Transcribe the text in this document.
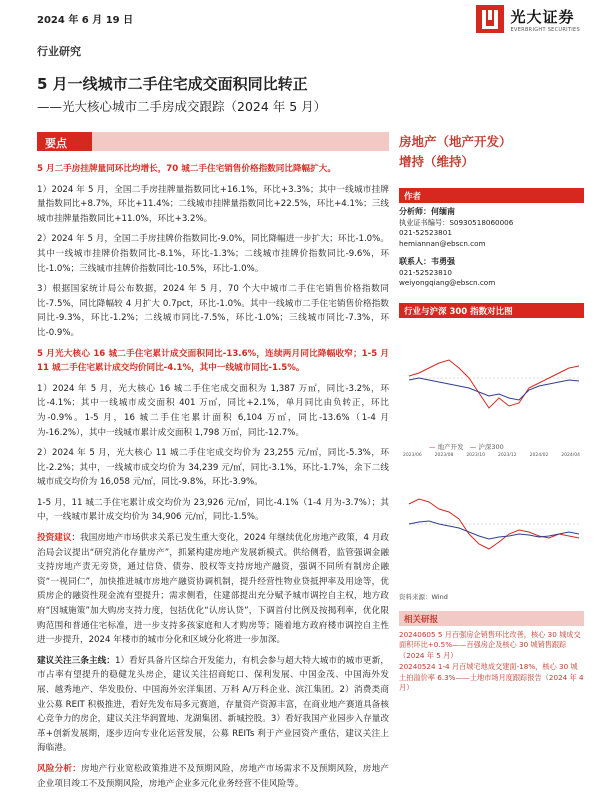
2024 年 6 月 19 日	光大证券
EVERBRIGHT SECURITIES
行业研究
5 月一线城市二手住宅成交面积同比转正
——光大核心城市二手房成交跟踪（2024 年 5 月）
要点

5 月二手房挂牌量同环比均增长，70 城二手住宅销售价格指数同比降幅扩大。

1）2024 年 5 月，全国二手房挂牌量指数同比+16.1%，环比+3.3%；其中一线城市挂牌量指数同比+8.7%，环比+11.4%；二线城市挂牌量指数同比+22.5%，环比+4.1%；三线城市挂牌量指数同比+11.0%，环比+3.2%。

2）2024 年 5 月，全国二手房挂牌价指数同比-9.0%，同比降幅进一步扩大；环比-1.0%。其中一线城市挂牌价指数同比-8.1%，环比-1.3%；二线城市挂牌价指数同比-9.6%，环比-1.0%；三线城市挂牌价指数同比-10.5%，环比-1.0%。

3）根据国家统计局公布数据，2024 年 5 月，70 个大中城市二手住宅销售价格指数同比-7.5%，同比降幅较 4 月扩大 0.7pct，环比-1.0%。其中一线城市二手住宅销售价格指数同比-9.3%，环比-1.2%；二线城市同比-7.5%，环比-1.0%；三线城市同比-7.3%，环比-0.9%。

5 月光大核心 16 城二手住宅累计成交面积同比-13.6%，连续两月同比降幅收窄；1-5 月 11 城二手住宅累计成交均价同比-4.1%，其中一线城市同比-1.5%。

1）2024 年 5 月，光大核心 16 城二手住宅成交面积为 1,387 万㎡，同比-3.2%，环比-4.1%；其中一线城市成交面积 401 万㎡，同比+2.1%，单月同比由负转正，环比为-0.9%。1-5 月，16 城二手住宅累计面积 6,104 万㎡，同比-13.6%（1-4 月为-16.2%），其中一线城市累计成交面积 1,798 万㎡，同比-12.7%。

2）2024 年 5 月，光大核心 11 城二手住宅成交均价为 23,255 元/㎡，同比-5.3%，环比-2.2%；其中，一线城市成交均价为 34,239 元/㎡，同比-3.1%，环比-1.7%，余下二线城市成交均价为 16,058 元/㎡，同比-9.8%，环比-3.9%。

1-5 月，11 城二手住宅累计成交均价为 23,926 元/㎡，同比-4.1%（1-4 月为-3.7%）；其中，一线城市累计成交均价为 34,906 元/㎡，同比-1.5%。

投资建议：我国房地产市场供求关系已发生重大变化，2024 年继续优化房地产政策，4 月政治局会议提出“研究消化存量房产”，抓紧构建房地产发展新模式。供给侧看，监管强调金融支持房地产责无旁贷，通过信贷、债券、股权等支持房地产融资，强调不同所有制房企融资“一视同仁”，加快推进城市房地产融资协调机制，提升经营性物业贷抵押率及用途等，优质房企的融资性现金流有望提升；需求侧看，住建部提出充分赋予城市调控自主权，地方政府“因城施策”加大购房支持力度，包括优化“认房认贷”，下调首付比例及按揭利率，优化限购范围和普通住宅标准，进一步支持多孩家庭和人才购房等；随着地方政府楼市调控自主性进一步提升，2024 年楼市的城市分化和区域分化将进一步加深。

建议关注三条主线：1）看好具备片区综合开发能力，有机会参与超大特大城市的城市更新，市占率有望提升的稳健龙头房企，建议关注招商蛇口、保利发展、中国金茂、中国海外发展、越秀地产、华发股份、中国海外宏洋集团、万科 A/万科企业、滨江集团。2）消费类商业公募 REIT 积极推进，看好先发布局多元赛道，存量资产资源丰富，在商业地产赛道具备核心竞争力的房企，建议关注华润置地、龙湖集团、新城控股。3）看好我国产业园步入存量改革+创新发展期，逐步迈向专业化运营发展，公募 REITs 利于产业园资产重估，建议关注上海临港。

风险分析：房地产行业宽松政策推进不及预期风险，房地产市场需求不及预期风险，房地产企业项目竣工不及预期风险，房地产企业多元化业务经营不佳风险等。

房地产（地产开发）
增持（维持）
作者
分析师：何缅南
执业证书编号：S0930518060006
021-52523801
hemiannan@ebscn.com
联系人：韦勇强
021-52523810
weiyongqiang@ebscn.com
行业与沪深 300 指数对比图
— 地产开发 — 沪深300
2023/06	2023/08	2023/10	2023/12	2024/02	2024/04
资料来源：Wind
相关研报
20240605 5 月百强房企销售环比改善，核心 30 城成交面积环比+0.5%——百强房企及核心 30 城销售跟踪（2024 年 5 月）
20240524 1-4 月百城宅地成交建面-18%，核心 30 城土拍溢价率 6.3%——土地市场月度跟踪报告（2024 年 4 月）
